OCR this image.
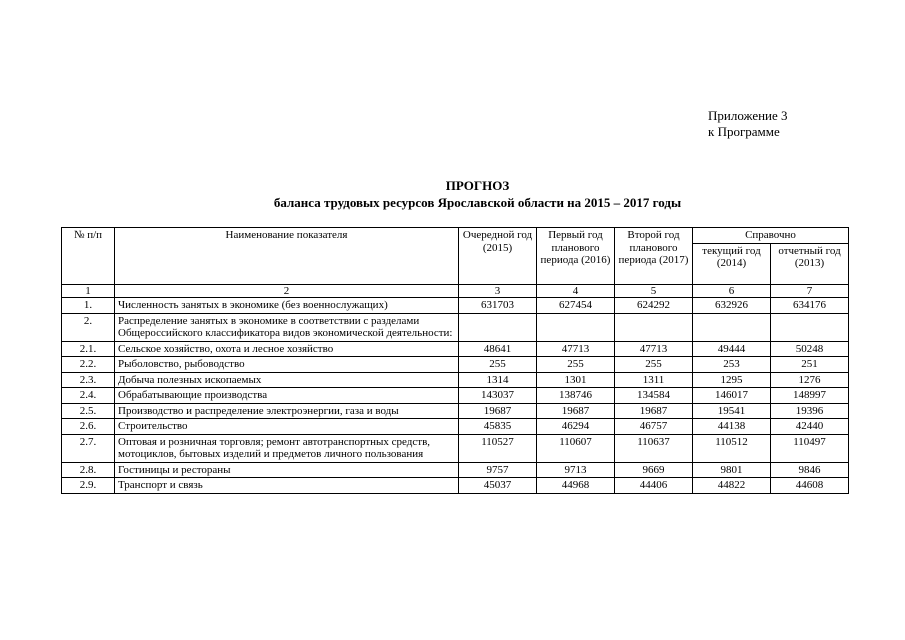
Приложение 3
к Программе
ПРОГНОЗ
баланса трудовых ресурсов Ярославской области на 2015 – 2017 годы
№ п/п	Наименование показателя	Очередной год (2015)	Первый год планового периода (2016)	Второй год планового периода (2017)	Справочно	
					текущий год (2014)	отчетный год (2013)
1	2	3	4	5	6	7
1.	Численность занятых в экономике (без военнослужащих)	631703	627454	624292	632926	634176
2.	Распределение занятых в экономике в соответствии с разделами Общероссийского классификатора видов экономической деятельности:					
2.1.	Сельское хозяйство, охота и лесное хозяйство	48641	47713	47713	49444	50248
2.2.	Рыболовство, рыбоводство	255	255	255	253	251
2.3.	Добыча полезных ископаемых	1314	1301	1311	1295	1276
2.4.	Обрабатывающие производства	143037	138746	134584	146017	148997
2.5.	Производство и распределение электроэнергии, газа и воды	19687	19687	19687	19541	19396
2.6.	Строительство	45835	46294	46757	44138	42440
2.7.	Оптовая и розничная торговля; ремонт автотранспортных средств, мотоциклов, бытовых изделий и предметов личного пользования	110527	110607	110637	110512	110497
2.8.	Гостиницы и рестораны	9757	9713	9669	9801	9846
2.9.	Транспорт и связь	45037	44968	44406	44822	44608
